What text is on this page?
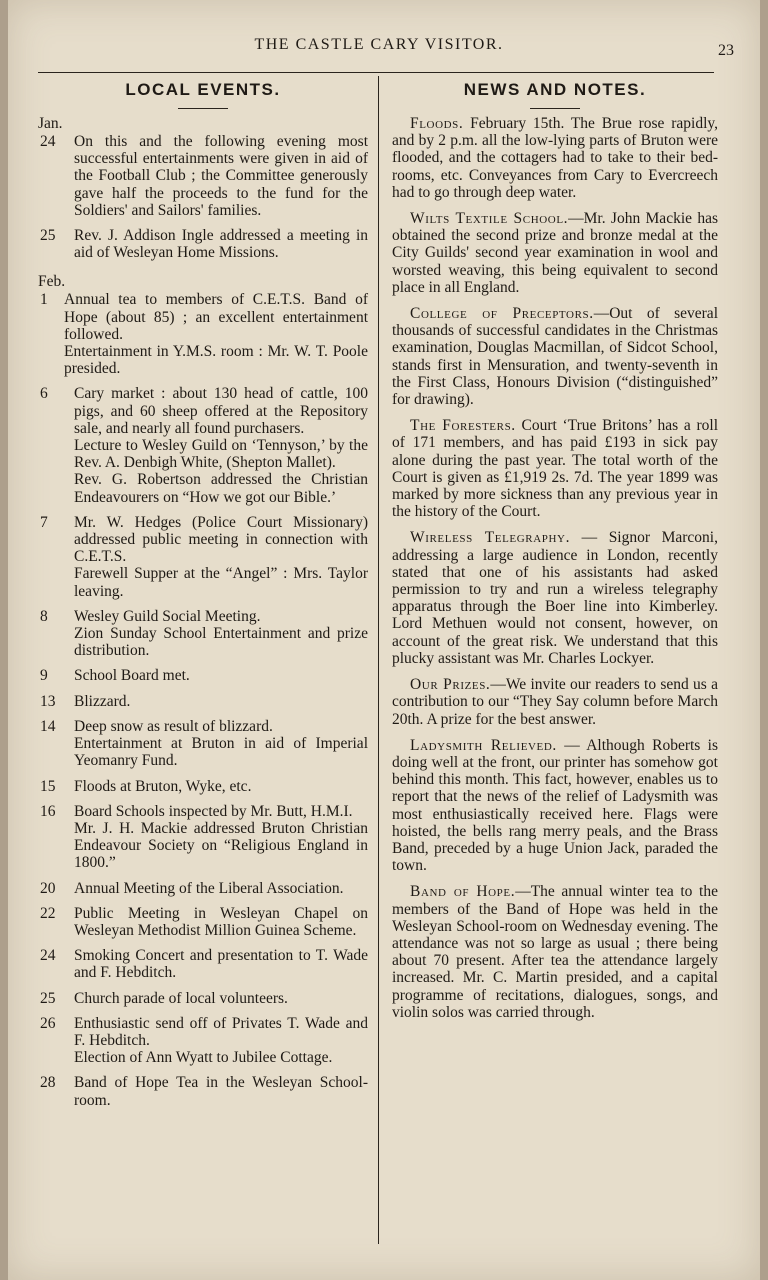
THE CASTLE CARY VISITOR.	23
LOCAL EVENTS.
Jan.
24	On this and the following evening most successful entertainments were given in aid of the Football Club ; the Committee generously gave half the proceeds to the fund for the Soldiers' and Sailors' families.
25	Rev. J. Addison Ingle addressed a meeting in aid of Wesleyan Home Missions.
Feb.
1	Annual tea to members of C.E.T.S. Band of Hope (about 85) ; an excellent entertainment followed.
Entertainment in Y.M.S. room : Mr. W. T. Poole presided.
6	Cary market : about 130 head of cattle, 100 pigs, and 60 sheep offered at the Repository sale, and nearly all found purchasers.
Lecture to Wesley Guild on ‘Tennyson,’ by the Rev. A. Denbigh White, (Shepton Mallet).
Rev. G. Robertson addressed the Christian Endeavourers on “How we got our Bible.’
7	Mr. W. Hedges (Police Court Missionary) addressed public meeting in connection with C.E.T.S.
Farewell Supper at the “Angel” : Mrs. Taylor leaving.
8	Wesley Guild Social Meeting.
Zion Sunday School Entertainment and prize distribution.
9	School Board met.
13	Blizzard.
14	Deep snow as result of blizzard.
Entertainment at Bruton in aid of Imperial Yeomanry Fund.
15	Floods at Bruton, Wyke, etc.
16	Board Schools inspected by Mr. Butt, H.M.I.
Mr. J. H. Mackie addressed Bruton Christian Endeavour Society on “Religious England in 1800.”
20	Annual Meeting of the Liberal Association.
22	Public Meeting in Wesleyan Chapel on Wesleyan Methodist Million Guinea Scheme.
24	Smoking Concert and presentation to T. Wade and F. Hebditch.
25	Church parade of local volunteers.
26	Enthusiastic send off of Privates T. Wade and F. Hebditch.
Election of Ann Wyatt to Jubilee Cottage.
28	Band of Hope Tea in the Wesleyan School-room.
NEWS AND NOTES.

Floods. February 15th. The Brue rose rapidly, and by 2 p.m. all the low-lying parts of Bruton were flooded, and the cottagers had to take to their bed-rooms, etc. Conveyances from Cary to Evercreech had to go through deep water.

Wilts Textile School.—Mr. John Mackie has obtained the second prize and bronze medal at the City Guilds' second year examination in wool and worsted weaving, this being equivalent to second place in all England.

College of Preceptors.—Out of several thousands of successful candidates in the Christmas examination, Douglas Macmillan, of Sidcot School, stands first in Mensuration, and twenty-seventh in the First Class, Honours Division (“distinguished” for drawing).

The Foresters. Court ‘True Britons’ has a roll of 171 members, and has paid £193 in sick pay alone during the past year. The total worth of the Court is given as £1,919 2s. 7d. The year 1899 was marked by more sickness than any previous year in the history of the Court.

Wireless Telegraphy. — Signor Marconi, addressing a large audience in London, recently stated that one of his assistants had asked permission to try and run a wireless telegraphy apparatus through the Boer line into Kimberley. Lord Methuen would not consent, however, on account of the great risk. We understand that this plucky assistant was Mr. Charles Lockyer.

Our Prizes.—We invite our readers to send us a contribution to our “They Say column before March 20th. A prize for the best answer.

Ladysmith Relieved. — Although Roberts is doing well at the front, our printer has somehow got behind this month. This fact, however, enables us to report that the news of the relief of Ladysmith was most enthusiastically received here. Flags were hoisted, the bells rang merry peals, and the Brass Band, preceded by a huge Union Jack, paraded the town.

Band of Hope.—The annual winter tea to the members of the Band of Hope was held in the Wesleyan School-room on Wednesday evening. The attendance was not so large as usual ; there being about 70 present. After tea the attendance largely increased. Mr. C. Martin presided, and a capital programme of recitations, dialogues, songs, and violin solos was carried through.
